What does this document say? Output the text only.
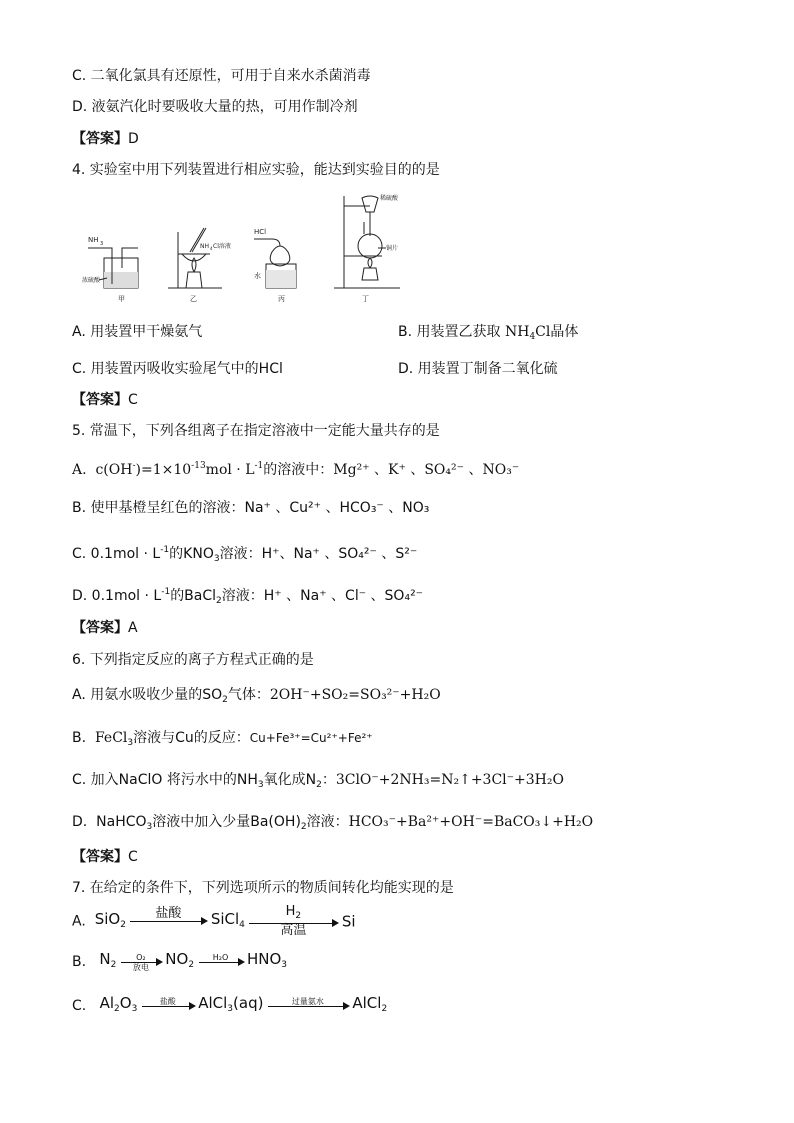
C. 二氧化氯具有还原性，可用于自来水杀菌消毒
D. 液氨汽化时要吸收大量的热，可用作制冷剂
【答案】D
4. 实验室中用下列装置进行相应实验，能达到实验目的的是
NH 3
浓硫酸
甲
NH 4 Cl溶液
乙
HCl
水
丙
稀硫酸
铜片
丁
A. 用装置甲干燥氨气	B. 用装置乙获取 $NH_4Cl$晶体
C. 用装置丙吸收实验尾气中的HCl	D. 用装置丁制备二氧化硫
【答案】C
5. 常温下，下列各组离子在指定溶液中一定能大量共存的是
A. $c(OH^-)=1\times 10^{-13}mol \cdot L^{-1}$的溶液中：Mg²⁺ 、K⁺ 、SO₄²⁻ 、NO₃⁻
B. 使甲基橙呈红色的溶液：Na⁺ 、Cu²⁺ 、HCO₃⁻ 、NO₃
C. $0.1mol \cdot L^{-1}$的$KNO_3$溶液：H⁺、Na⁺ 、SO₄²⁻ 、S²⁻
D. $0.1mol \cdot L^{-1}$的BaCl$_2$溶液：H⁺ 、Na⁺ 、Cl⁻ 、SO₄²⁻
【答案】A
6. 下列指定反应的离子方程式正确的是
A. 用氨水吸收少量的$SO_2$气体：2OH⁻+SO₂=SO₃²⁻+H₂O
B. FeCl$_3$溶液与Cu的反应：Cu+Fe³⁺=Cu²⁺+Fe²⁺
C. 加入NaClO 将污水中的$NH_3$氧化成$N_2$：3ClO⁻+2NH₃=N₂↑+3Cl⁻+3H₂O
D. NaHCO$_3$溶液中加入少量$Ba(OH)_2$溶液：HCO₃⁻+Ba²⁺+OH⁻=BaCO₃↓+H₂O
【答案】C
7. 在给定的条件下，下列选项所示的物质间转化均能实现的是
A. SiO$_2$
盐酸
	SiCl$_4$
$H_2$
高温	Si
B. $N_2$
O₂
放电	$NO_2$
H₂O
	$HNO_3$
C. $Al_2O_3$
盐酸
	AlCl$_3$(aq)	过量氨水
	AlCl$_2$
